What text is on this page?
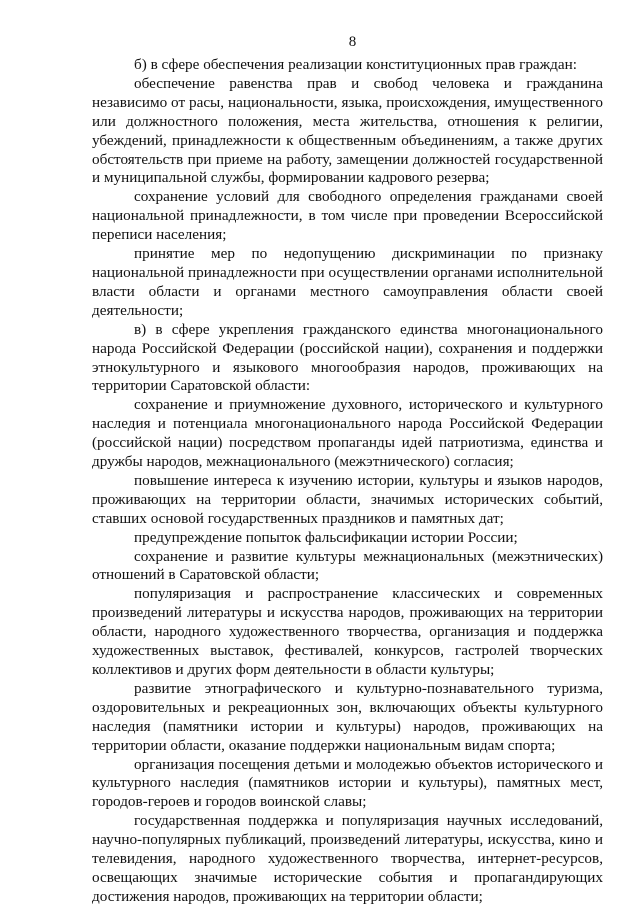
8

б) в сфере обеспечения реализации конституционных прав граждан:

обеспечение равенства прав и свобод человека и гражданина независимо от расы, национальности, языка, происхождения, имущественного или должностного положения, места жительства, отношения к религии, убеждений, принадлежности к общественным объединениям, а также других обстоятельств при приеме на работу, замещении должностей государственной и муниципальной службы, формировании кадрового резерва;

сохранение условий для свободного определения гражданами своей национальной принадлежности, в том числе при проведении Всероссийской переписи населения;

принятие мер по недопущению дискриминации по признаку национальной принадлежности при осуществлении органами исполнительной власти области и органами местного самоуправления области своей деятельности;

в) в сфере укрепления гражданского единства многонационального народа Российской Федерации (российской нации), сохранения и поддержки этнокультурного и языкового многообразия народов, проживающих на территории Саратовской области:

сохранение и приумножение духовного, исторического и культурного наследия и потенциала многонационального народа Российской Федерации (российской нации) посредством пропаганды идей патриотизма, единства и дружбы народов, межнационального (межэтнического) согласия;

повышение интереса к изучению истории, культуры и языков народов, проживающих на территории области, значимых исторических событий, ставших основой государственных праздников и памятных дат;

предупреждение попыток фальсификации истории России;

сохранение и развитие культуры межнациональных (межэтнических) отношений в Саратовской области;

популяризация и распространение классических и современных произведений литературы и искусства народов, проживающих на территории области, народного художественного творчества, организация и поддержка художественных выставок, фестивалей, конкурсов, гастролей творческих коллективов и других форм деятельности в области культуры;

развитие этнографического и культурно-познавательного туризма, оздоровительных и рекреационных зон, включающих объекты культурного наследия (памятники истории и культуры) народов, проживающих на территории области, оказание поддержки национальным видам спорта;

организация посещения детьми и молодежью объектов исторического и культурного наследия (памятников истории и культуры), памятных мест, городов-героев и городов воинской славы;

государственная поддержка и популяризация научных исследований, научно-популярных публикаций, произведений литературы, искусства, кино и телевидения, народного художественного творчества, интернет-ресурсов, освещающих значимые исторические события и пропагандирующих достижения народов, проживающих на территории области;
